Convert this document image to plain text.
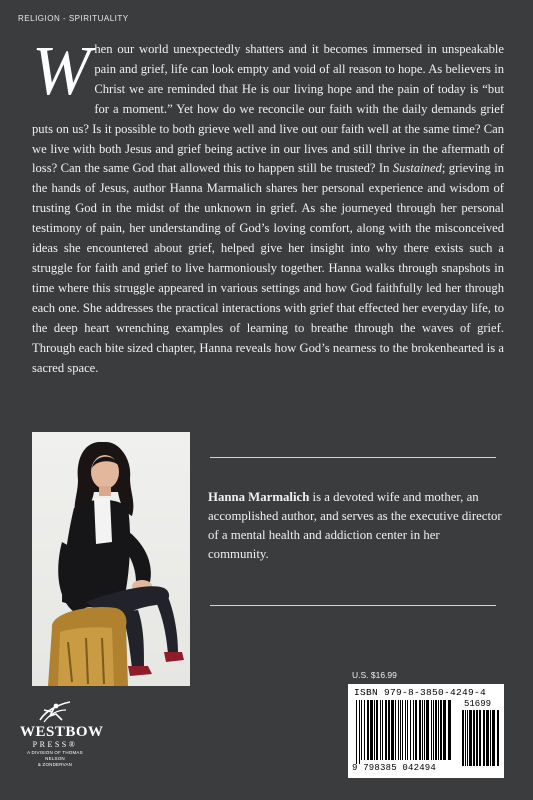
RELIGION - SPIRITUALITY

When our world unexpectedly shatters and it becomes immersed in unspeakable pain and grief, life can look empty and void of all reason to hope. As believers in Christ we are reminded that He is our living hope and the pain of today is “but for a moment.” Yet how do we reconcile our faith with the daily demands grief puts on us? Is it possible to both grieve well and live out our faith well at the same time? Can we live with both Jesus and grief being active in our lives and still thrive in the aftermath of loss? Can the same God that allowed this to happen still be trusted? In Sustained; grieving in the hands of Jesus, author Hanna Marmalich shares her personal experience and wisdom of trusting God in the midst of the unknown in grief. As she journeyed through her personal testimony of pain, her understanding of God’s loving comfort, along with the misconceived ideas she encountered about grief, helped give her insight into why there exists such a struggle for faith and grief to live harmoniously together. Hanna walks through snapshots in time where this struggle appeared in various settings and how God faithfully led her through each one. She addresses the practical interactions with grief that effected her everyday life, to the deep heart wrenching examples of learning to breathe through the waves of grief. Through each bite sized chapter, Hanna reveals how God’s nearness to the brokenhearted is a sacred space.

Hanna Marmalich is a devoted wife and mother, an accomplished author, and serves as the executive director of a mental health and addiction center in her community.

U.S. $16.99
ISBN 979-8-3850-4249-4
51699
9 798385 042494
WESTBOW
PRESS®
A DIVISION OF THOMAS NELSON
& ZONDERVAN
